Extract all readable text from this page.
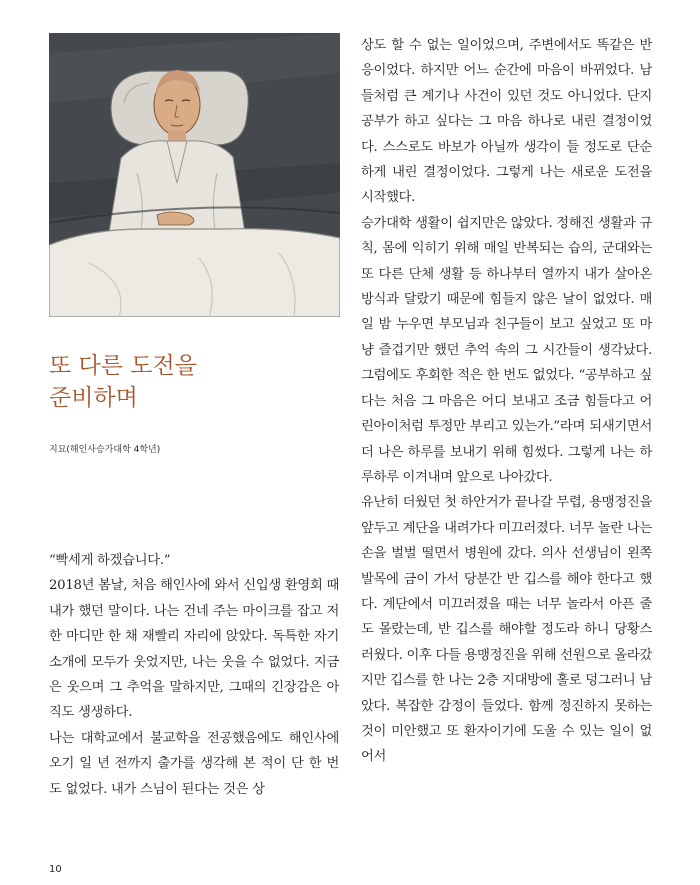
또 다른 도전을
준비하며
지묘(해인사승가대학 4학년)

“빡세게 하겠습니다.”

2018년 봄날, 처음 해인사에 와서 신입생 환영회 때 내가 했던 말이다. 나는 건네 주는 마이크를 잡고 저 한 마디만 한 채 재빨리 자리에 앉았다. 독특한 자기소개에 모두가 웃었지만, 나는 웃을 수 없었다. 지금은 웃으며 그 추억을 말하지만, 그때의 긴장감은 아직도 생생하다.

나는 대학교에서 불교학을 전공했음에도 해인사에 오기 일 년 전까지 출가를 생각해 본 적이 단 한 번도 없었다. 내가 스님이 된다는 것은 상

상도 할 수 없는 일이었으며, 주변에서도 똑같은 반응이었다. 하지만 어느 순간에 마음이 바뀌었다. 남들처럼 큰 계기나 사건이 있던 것도 아니었다. 단지 공부가 하고 싶다는 그 마음 하나로 내린 결정이었다. 스스로도 바보가 아닐까 생각이 들 정도로 단순하게 내린 결정이었다. 그렇게 나는 새로운 도전을 시작했다.

승가대학 생활이 쉽지만은 않았다. 정해진 생활과 규칙, 몸에 익히기 위해 매일 반복되는 습의, 군대와는 또 다른 단체 생활 등 하나부터 열까지 내가 살아온 방식과 달랐기 때문에 힘들지 않은 날이 없었다. 매일 밤 누우면 부모님과 친구들이 보고 싶었고 또 마냥 즐겁기만 했던 추억 속의 그 시간들이 생각났다. 그럼에도 후회한 적은 한 번도 없었다. “공부하고 싶다는 처음 그 마음은 어디 보내고 조금 힘들다고 어린아이처럼 투정만 부리고 있는가.”라며 되새기면서 더 나은 하루를 보내기 위해 힘썼다. 그렇게 나는 하루하루 이겨내며 앞으로 나아갔다.

유난히 더웠던 첫 하안거가 끝나갈 무렵, 용맹정진을 앞두고 계단을 내려가다 미끄러졌다. 너무 놀란 나는 손을 벌벌 떨면서 병원에 갔다. 의사 선생님이 왼쪽 발목에 금이 가서 당분간 반 깁스를 해야 한다고 했다. 계단에서 미끄러졌을 때는 너무 놀라서 아픈 줄도 몰랐는데, 반 깁스를 해야할 정도라 하니 당황스러웠다. 이후 다들 용맹정진을 위해 선원으로 올라갔지만 깁스를 한 나는 2층 지대방에 홀로 덩그러니 남았다. 복잡한 감정이 들었다. 함께 정진하지 못하는 것이 미안했고 또 환자이기에 도울 수 있는 일이 없어서

10
